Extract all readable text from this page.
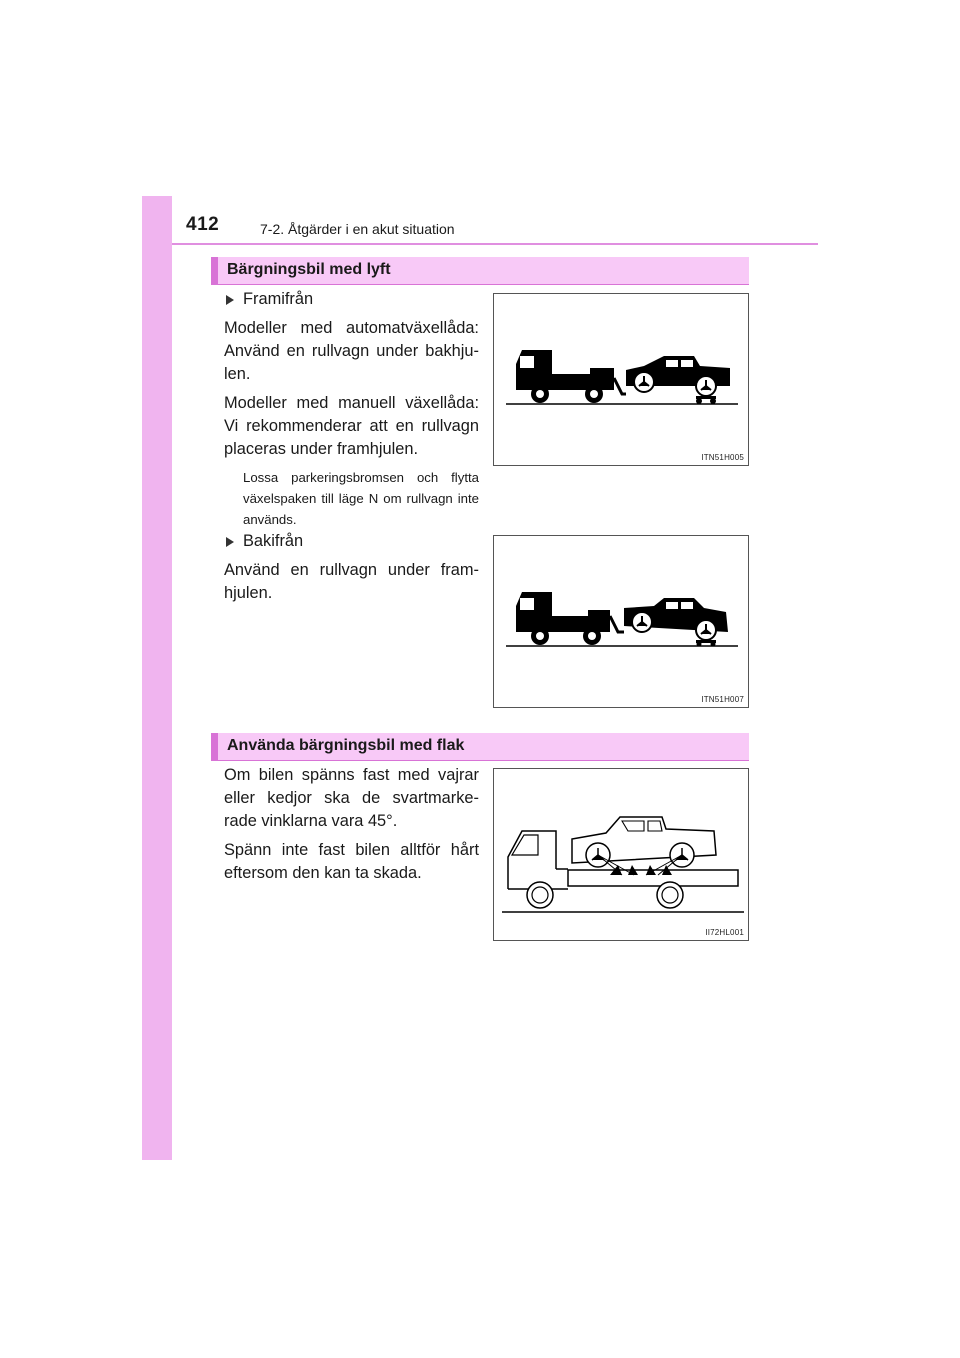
412	7-2. Åtgärder i en akut situation
Bärgningsbil med lyft
Framifrån

Modeller med automatväxellåda: Använd en rullvagn under bakhju-len.

Modeller med manuell växellåda: Vi rekommenderar att en rullvagn placeras under framhjulen.

Lossa parkeringsbromsen och flytta växelspaken till läge N om rullvagn inte används.

ITN51H005
Bakifrån

Använd en rullvagn under fram-hjulen.

ITN51H007
Använda bärgningsbil med flak

Om bilen spänns fast med vajrar eller kedjor ska de svartmarke-rade vinklarna vara 45°.

Spänn inte fast bilen alltför hårt eftersom den kan ta skada.

II72HL001
